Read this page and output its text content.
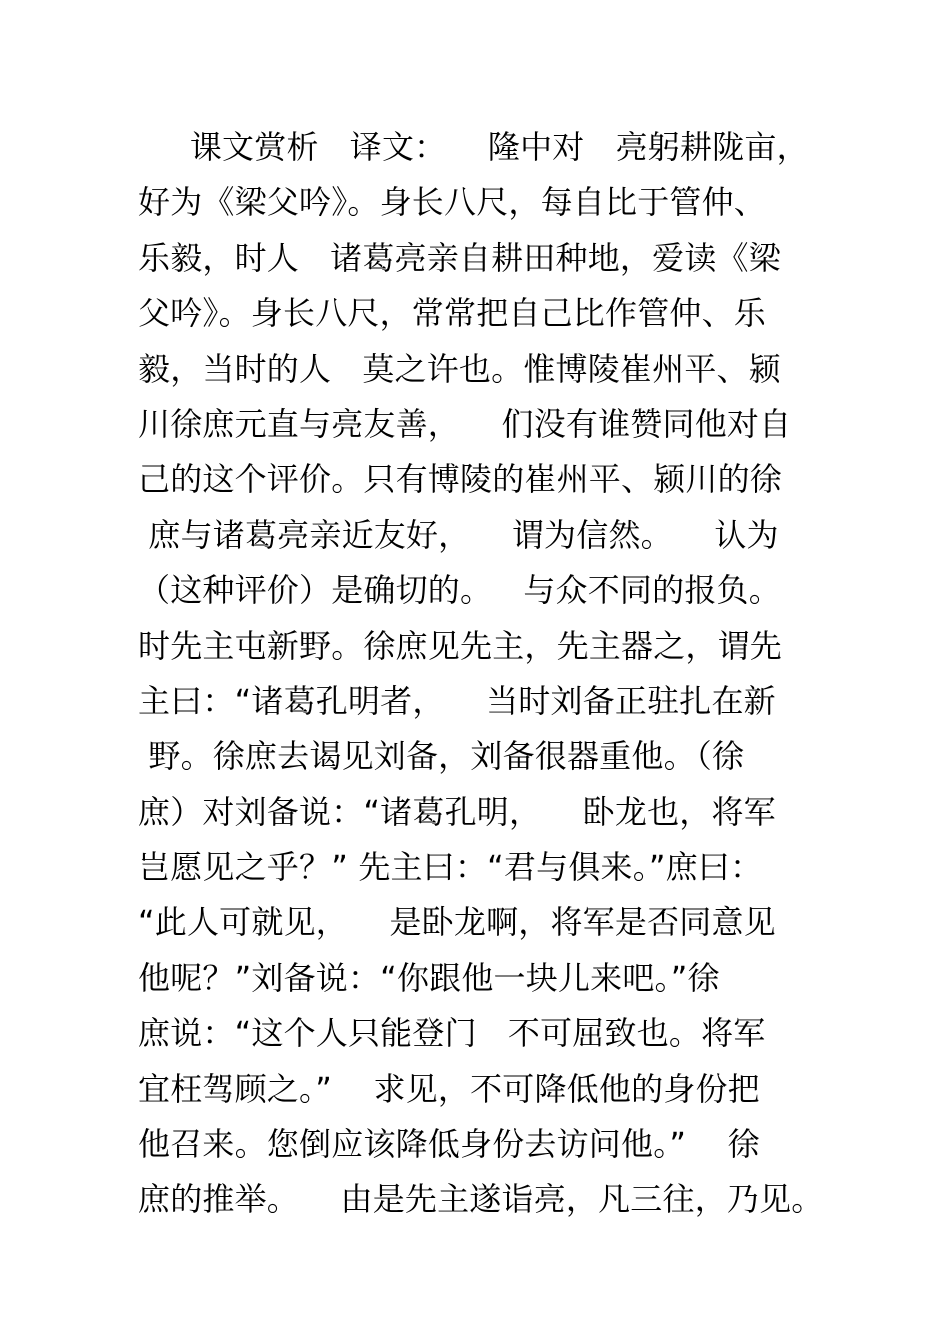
课文赏析   译文：    隆中对   亮躬耕陇亩，
好为《梁父吟》。身长八尺，每自比于管仲、
乐毅，时人   诸葛亮亲自耕田种地，爱读《梁
父吟》。身长八尺，常常把自己比作管仲、乐
毅，当时的人   莫之许也。惟博陵崔州平、颍
川徐庶元直与亮友善，    们没有谁赞同他对自
己的这个评价。只有博陵的崔州平、颍川的徐
庶与诸葛亮亲近友好，    谓为信然。    认为
（这种评价）是确切的。   与众不同的报负。
时先主屯新野。徐庶见先主，先主器之，谓先
主曰：“诸葛孔明者，    当时刘备正驻扎在新
野。徐庶去谒见刘备，刘备很器重他。（徐
庶）对刘备说：“诸葛孔明，    卧龙也，将军
岂愿见之乎？” 先主曰：“君与俱来。”庶曰：
“此人可就见，    是卧龙啊，将军是否同意见
他呢？”刘备说：“你跟他一块儿来吧。”徐
庶说：“这个人只能登门   不可屈致也。将军
宜枉驾顾之。”    求见，不可降低他的身份把
他召来。您倒应该降低身份去访问他。”    徐
庶的推举。    由是先主遂诣亮，凡三往，乃见。
